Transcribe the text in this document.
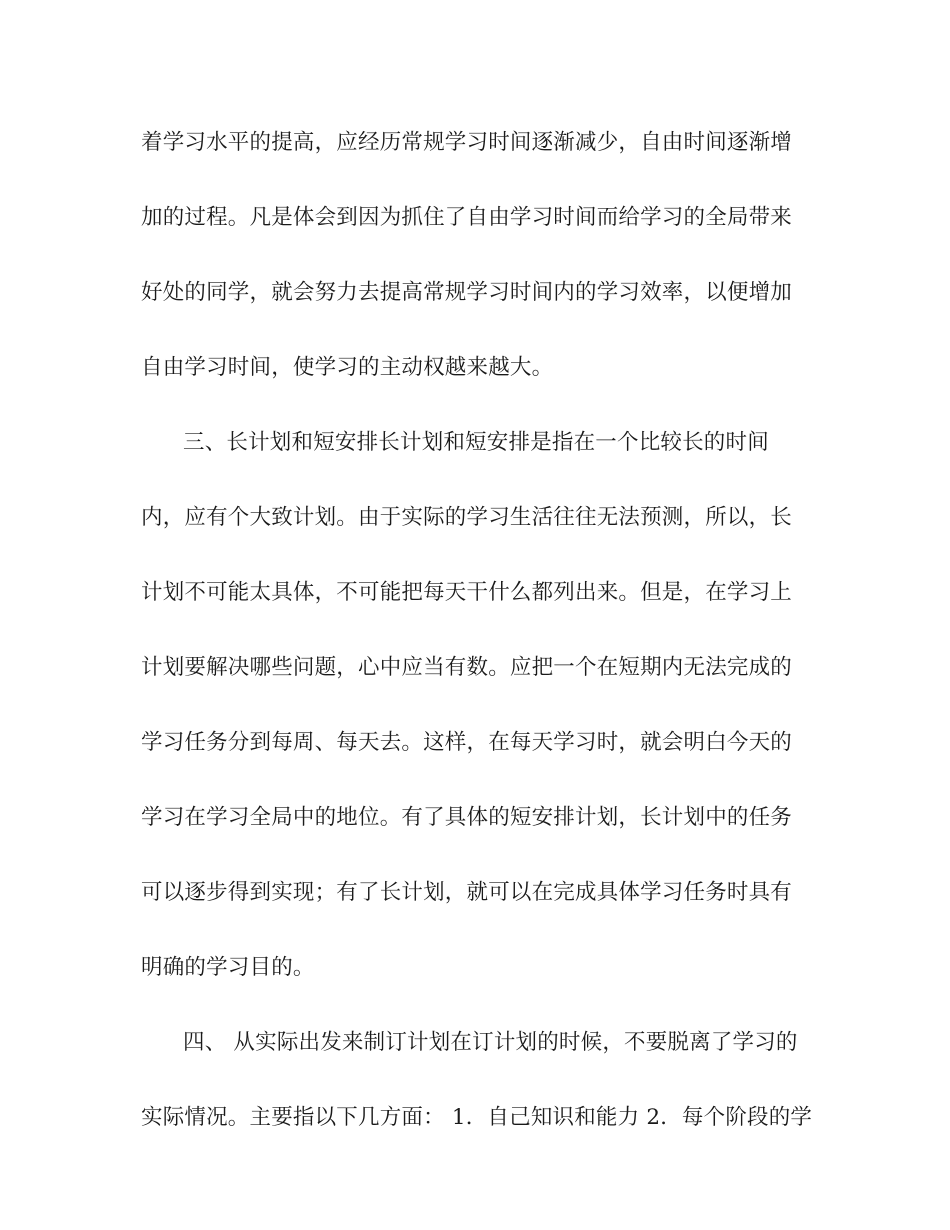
着学习水平的提高，应经历常规学习时间逐渐减少，自由时间逐渐增
加的过程。凡是体会到因为抓住了自由学习时间而给学习的全局带来
好处的同学，就会努力去提高常规学习时间内的学习效率，以便增加
自由学习时间，使学习的主动权越来越大。
三、长计划和短安排长计划和短安排是指在一个比较长的时间
内，应有个大致计划。由于实际的学习生活往往无法预测，所以，长
计划不可能太具体，不可能把每天干什么都列出来。但是，在学习上
计划要解决哪些问题，心中应当有数。应把一个在短期内无法完成的
学习任务分到每周、每天去。这样，在每天学习时，就会明白今天的
学习在学习全局中的地位。有了具体的短安排计划，长计划中的任务
可以逐步得到实现；有了长计划，就可以在完成具体学习任务时具有
明确的学习目的。
四、 从实际出发来制订计划在订计划的时候，不要脱离了学习的
实际情况。主要指以下几方面： 1．自己知识和能力 2．每个阶段的学
